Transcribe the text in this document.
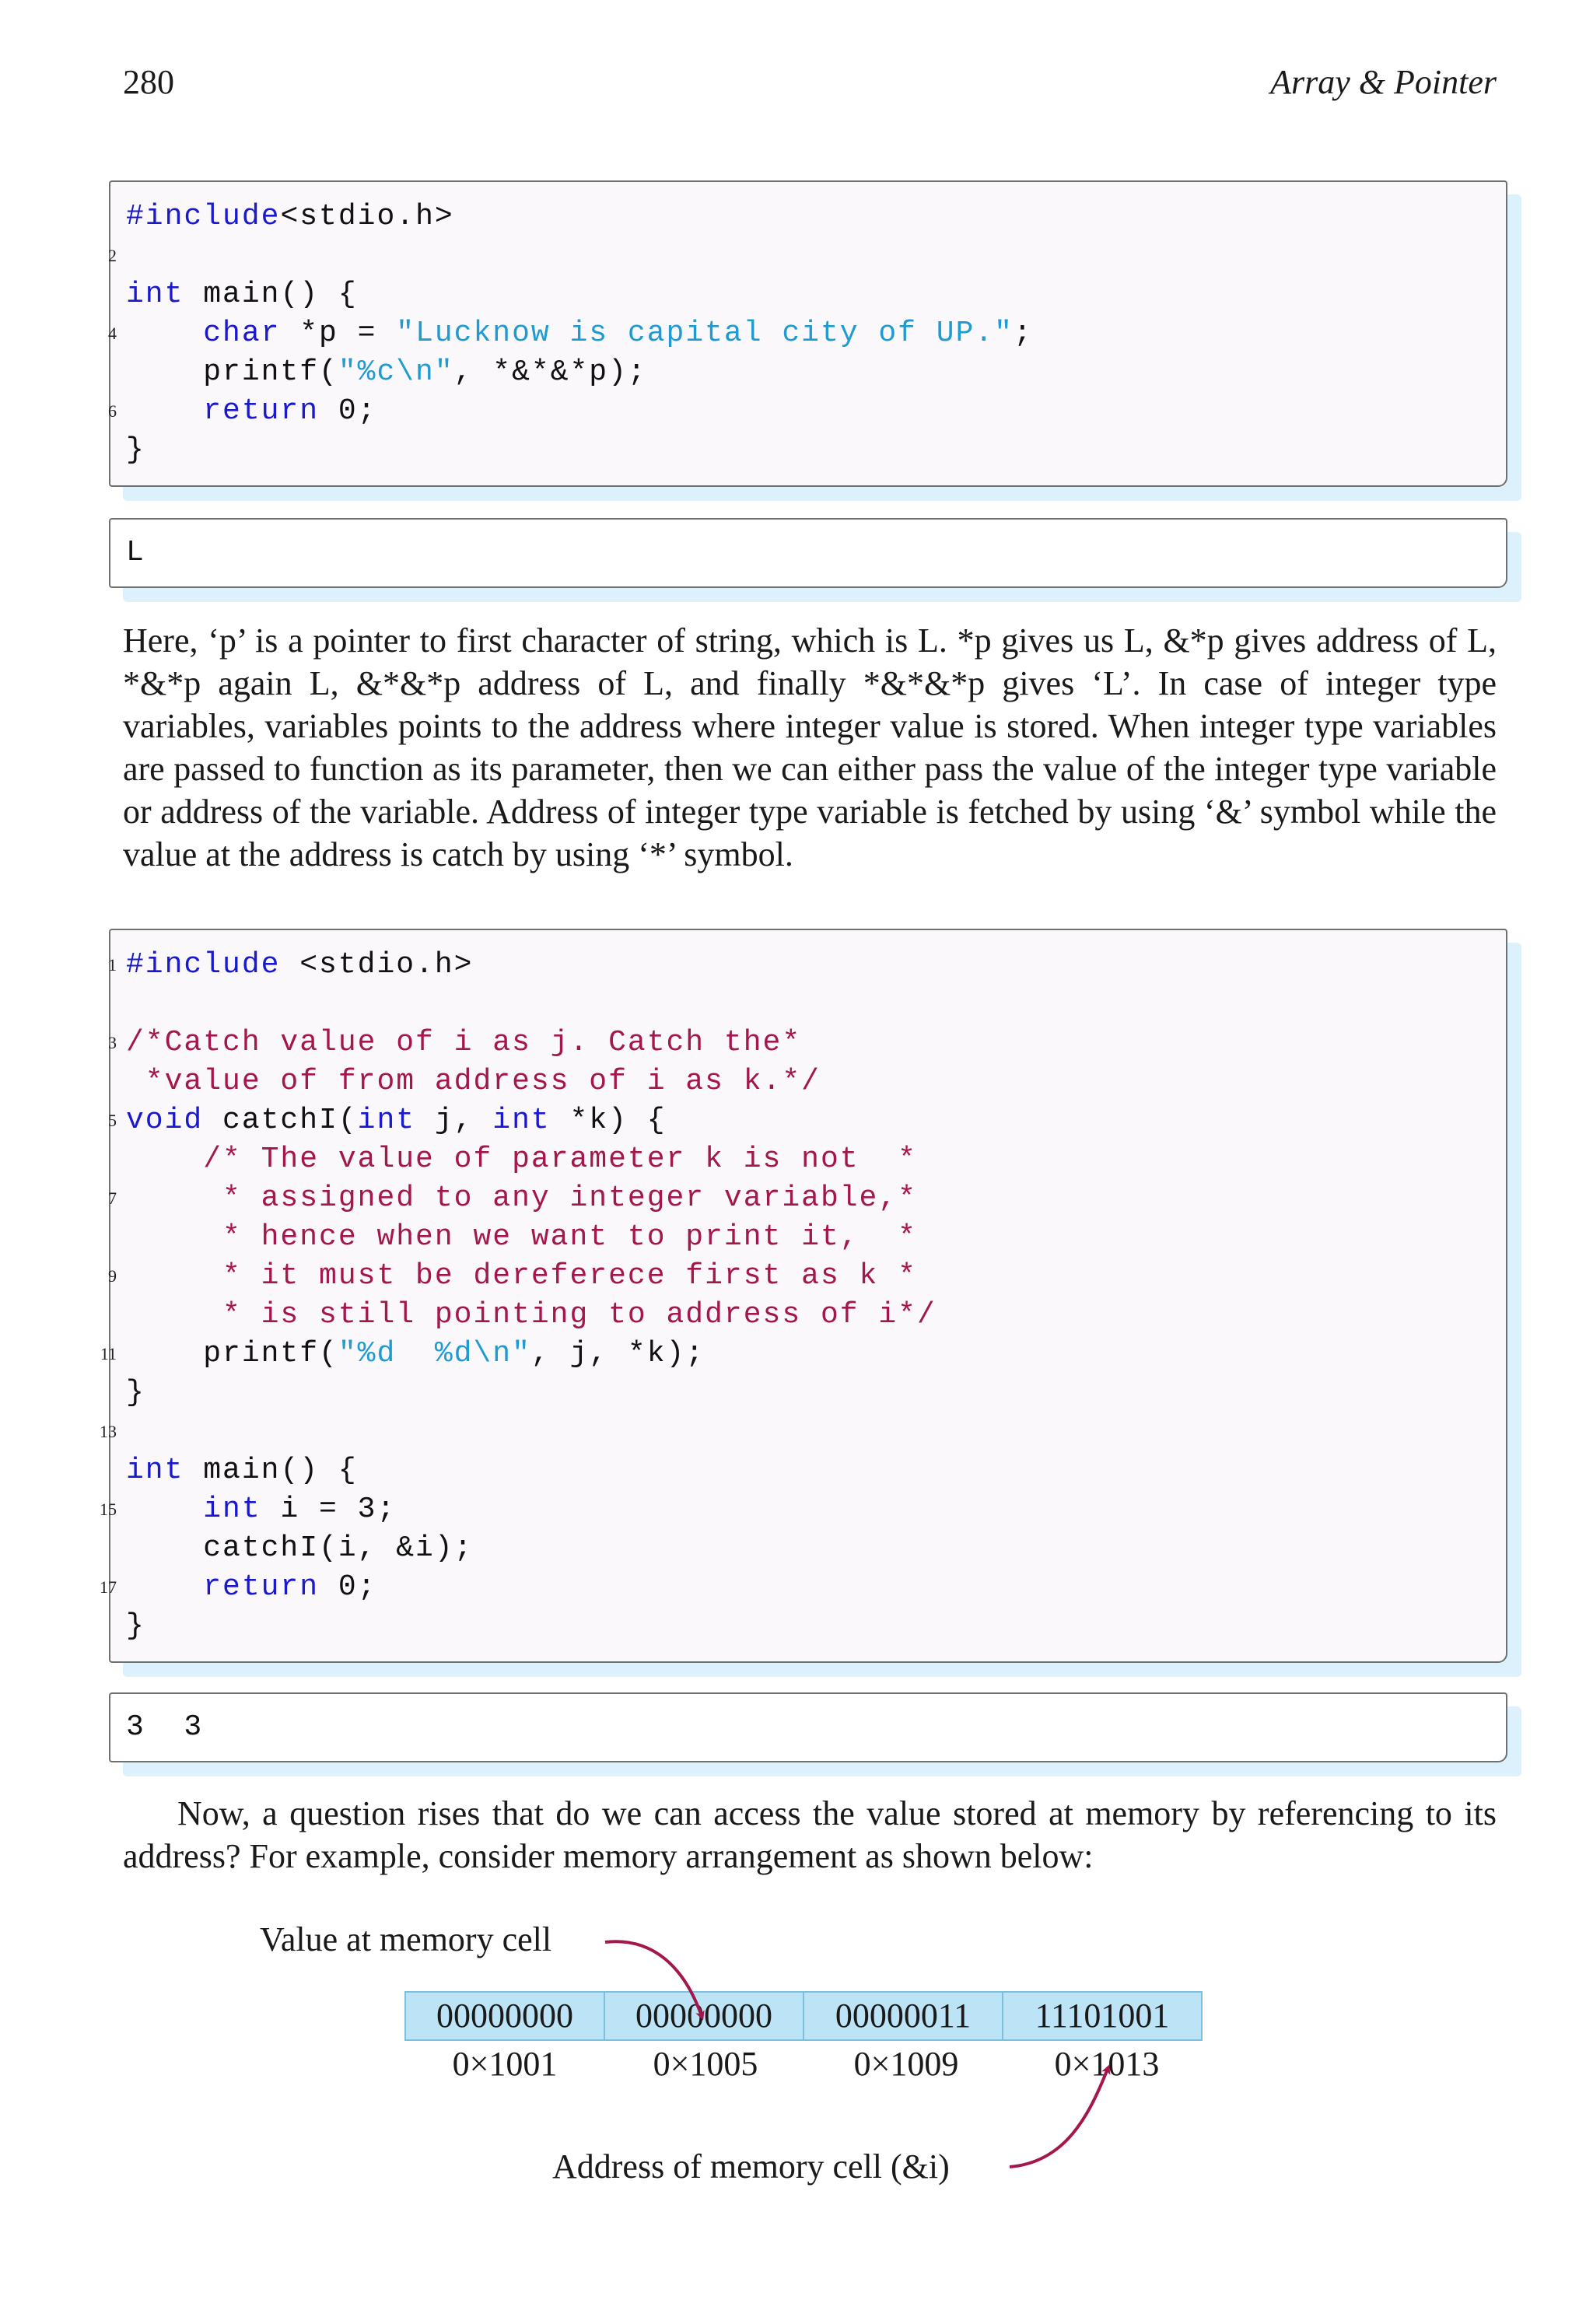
280	Array & Pointer
#include<stdio.h>
2
int main() {
4	char *p = "Lucknow is capital city of UP.";
printf("%c\n", *&*&*p);
6	return 0;
}
L

Here, ‘p’ is a pointer to first character of string, which is L. *p gives us L, &*p gives address of L, *&*p again L, &*&*p address of L, and finally *&*&*p gives ‘L’. In case of integer type variables, variables points to the address where integer value is stored. When integer type variables are passed to function as its parameter, then we can either pass the value of the integer type variable or address of the variable. Address of integer type variable is fetched by using ‘&’ symbol while the value at the address is catch by using ‘*’ symbol.

1 #include <stdio.h>
3 /*Catch value of i as j. Catch the*
*value of from address of i as k.*/
5 void catchI(int j, int *k) {
/* The value of parameter k is not  *
7	* assigned to any integer variable,*
* hence when we want to print it,  *
9	* it must be dereferece first as k *
* is still pointing to address of i*/
11 printf("%d  %d\n", j, *k);
}
13
int main() {
15	int i = 3;
catchI(i, &i);
17	return 0;
}
3  3

Now, a question rises that do we can access the value stored at memory by referencing to its address? For example, consider memory arrangement as shown below:

Value at memory cell
00000000	00000000	00000011	11101001
0×1001	0×1005	0×1009	0×1013
Address of memory cell (&i)
